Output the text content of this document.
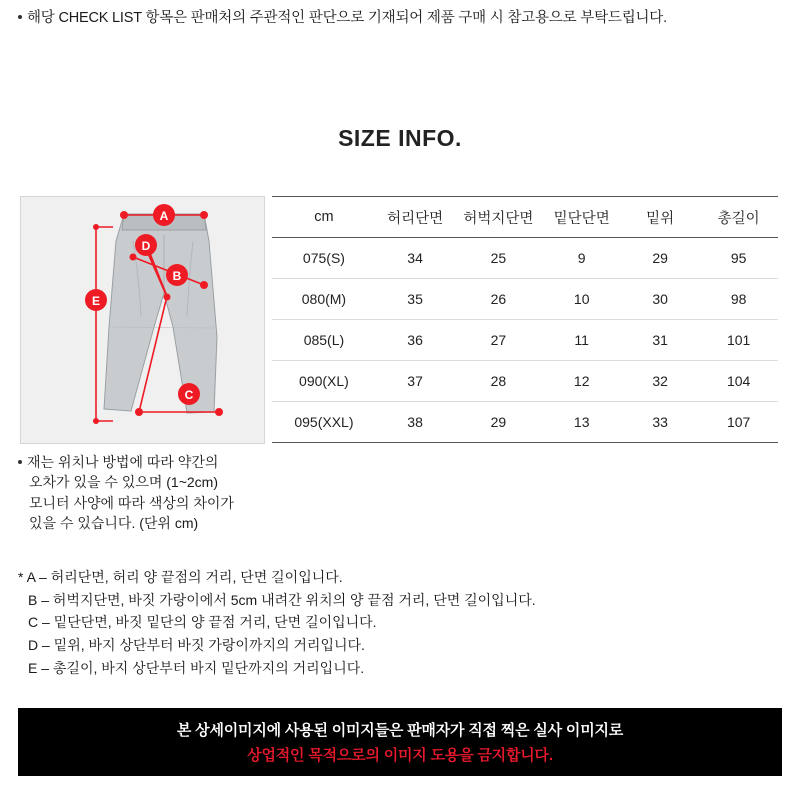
해당 CHECK LIST 항목은 판매처의 주관적인 판단으로 기재되어 제품 구매 시 참고용으로 부탁드립니다.
SIZE INFO.
A
B
C
D
E
cm	허리단면	허벅지단면	밑단단면	밑위	총길이
075(S)	34	25	9	29	95
080(M)	35	26	10	30	98
085(L)	36	27	11	31	101
090(XL)	37	28	12	32	104
095(XXL)	38	29	13	33	107
재는 위치나 방법에 따라 약간의
오차가 있을 수 있으며 (1~2cm)
모니터 사양에 따라 색상의 차이가
있을 수 있습니다. (단위 cm)
* A – 허리단면, 허리 양 끝점의 거리, 단면 길이입니다.
B – 허벅지단면, 바짓 가랑이에서 5cm 내려간 위치의 양 끝점 거리, 단면 길이입니다.
C – 밑단단면, 바짓 밑단의 양 끝점 거리, 단면 길이입니다.
D – 밑위, 바지 상단부터 바짓 가랑이까지의 거리입니다.
E – 총길이, 바지 상단부터 바지 밑단까지의 거리입니다.
본 상세이미지에 사용된 이미지들은 판매자가 직접 찍은 실사 이미지로
상업적인 목적으로의 이미지 도용을 금지합니다.
